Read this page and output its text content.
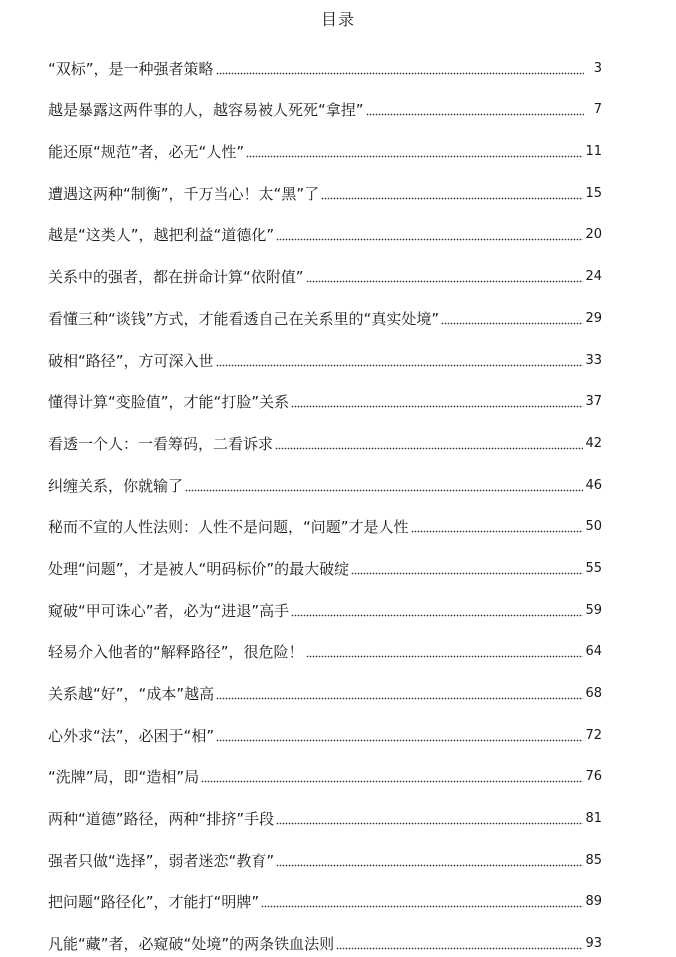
目录
“双标”，是一种强者策略	3
越是暴露这两件事的人，越容易被人死死“拿捏”	7
能还原“规范”者，必无“人性”	11
遭遇这两种“制衡”，千万当心！太“黑”了	15
越是“这类人”，越把利益“道德化”	20
关系中的强者，都在拼命计算“依附值”	24
看懂三种“谈钱”方式，才能看透自己在关系里的“真实处境”	29
破相“路径”，方可深入世	33
懂得计算“变脸值”，才能“打脸”关系	37
看透一个人：一看筹码，二看诉求	42
纠缠关系，你就输了	46
秘而不宣的人性法则：人性不是问题，“问题”才是人性	50
处理“问题”，才是被人“明码标价”的最大破绽	55
窥破“甲可诛心”者，必为“进退”高手	59
轻易介入他者的“解释路径”，很危险！	64
关系越“好”，“成本”越高	68
心外求“法”，必困于“相”	72
“洗牌”局，即“造相”局	76
两种“道德”路径，两种“排挤”手段	81
强者只做“选择”，弱者迷恋“教育”	85
把问题“路径化”，才能打“明牌”	89
凡能“藏”者，必窥破“处境”的两条铁血法则	93
